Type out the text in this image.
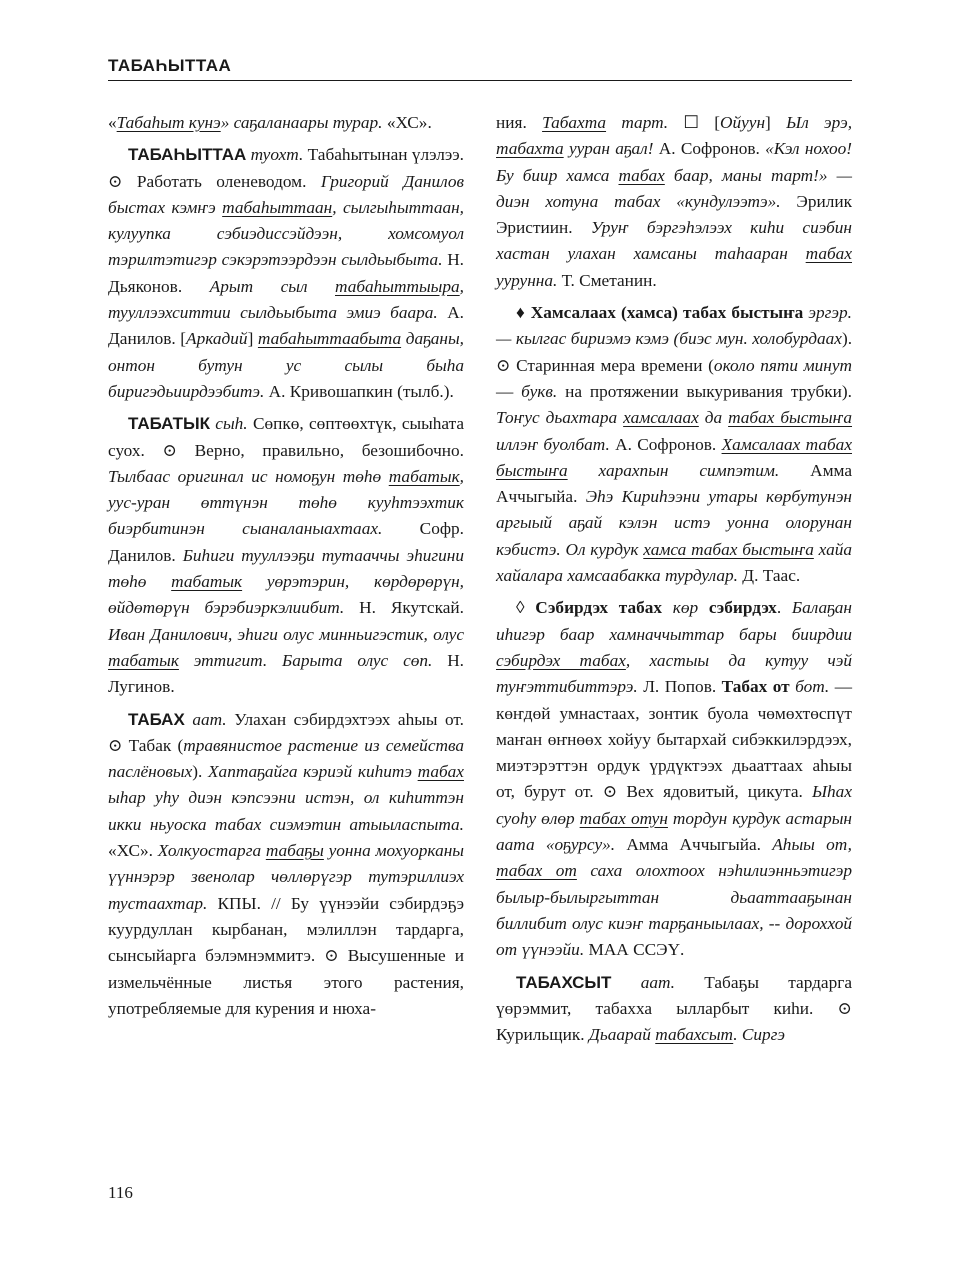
ТАБАҺЫТТАА

«Табаһыт кунэ» саҕаланаары турар. «ХС».

ТАБАҺЫТТАА туохт. Табаһытынан үлэлээ. ⊙ Работать оленеводом. Григорий Данилов быстах кэмҥэ табаһыттаан, сылгыһыттаан, кулуупка сэбиэдиссэйдээн, хомсомуол тэрилтэтигэр сэкэрэтээрдээн сылдьыбыта. Н. Дьяконов. Арыт сыл табаһыттыыра, тууллээхситтии сылдьыбыта эмиэ баара. А. Данилов. [Аркадий] табаһыттаабыта даҕаны, онтон бутун ус сылы быһа биригэдьиирдээбитэ. А. Кривошапкин (тылб.).

ТАБАТЫК сыһ. Сөпкө, сөптөөхтүк, сыыһата суох. ⊙ Верно, правильно, безошибочно. Тылбаас оригинал ис номоҕун төһө табатык, уус-уран өттүнэн төһө кууһтээхтик биэрбитинэн сыаналаныахтаах. Софр. Данилов. Биһиги тууллээҕи тутааччы эһигини төһө табатык уөрэтэрин, көрдөрөрүн, өйдөтөрүн бэрэбиэркэлиибит. Н. Якутскай. Иван Данилович, эһиги олус минньигэстик, олус табатык эттигит. Барыта олус сөп. Н. Лугинов.

ТАБАХ аат. Улахан сэбирдэхтээх аһыы от. ⊙ Табак (травянистое растение из семейства паслёновых). Хаптаҕайга кэриэй киһитэ табах ыһар уһу диэн кэпсээни истэн, ол киһиттэн икки ньуоска табах сиэмэтин атыыласпыта. «ХС». Холкуостарга табаҕы уонна мохуорканы үүннэрэр звенолар чөллөрүгэр тутэриллиэх тустаахтар. КПЫ. // Бу үүнээйи сэбирдэҕэ куурдуллан кырбанан, мэлиллэн тардарга, сынсыйарга бэлэмнэммитэ. ⊙ Высушенные и измельчённые листья этого растения, употребляемые для курения и нюха-

ния. Табахта тарт. ☐ [Ойуун] Ыл эрэ, табахта ууран аҕал! А. Софронов. «Кэл нохоо! Бу биир хамса табах баар, маны тарт!» — диэн хотуна табах «кундулээтэ». Эрилик Эристиин. Уруҥ бэргэһэлээх киһи сиэбин хастан улахан хамсаны таһааран табах уурунна. Т. Сметанин.

♦ Хамсалаах (хамса) табах быстыҥа эргэр. — кылгас бириэмэ кэмэ (биэс мун. холобурдаах). ⊙ Старинная мера времени (около пяти минут — букв. на протяжении выкуривания трубки). Тоҥус дьахтара хамсалаах да табах быстыҥа иллэҥ буолбат. А. Софронов. Хамсалаах табах быстыҥа харахпын симпэтим. Амма Аччыгыйа. Эһэ Кириһээни утары көрбутунэн аргыый аҕай кэлэн истэ уонна олорунан кэбистэ. Ол курдук хамса табах быстыҥа хайа хайалара хамсаабакка турдулар. Д. Таас.

◊ Сэбирдэх табах көр сэбирдэх. Балаҕан иһигэр баар хамначчыттар бары биирдии сэбирдэх табах, хастыы да кутуу чэй туҥэттибиттэрэ. Л. Попов. Табах от бот. — көҥдөй умнастаах, зонтик буола чөмөхтөспүт маҥан өҥнөөх хойуу бытархай сибэккилэрдээх, миэтэрэттэн ордук үрдүктээх дьааттаах аһыы от, бурут от. ⊙ Вех ядовитый, цикута. Ыһах суоһу өлөр табах отун тордун курдук астарын аата «оҕурсу». Амма Аччыгыйа. Аһыы от, табах от саха олохтоох нэһилиэнньэтигэр былыр-былыргыттан дьааттааҕынан биллибит олус киэҥ тарҕаныылаах, -- дороххой от үүнээйи. МАА ССЭҮ.

ТАБАХСЫТ аат. Табаҕы тардарга үөрэммит, табахха ылларбыт киһи. ⊙ Курильщик. Дьаарай табахсыт. Сиргэ

116
